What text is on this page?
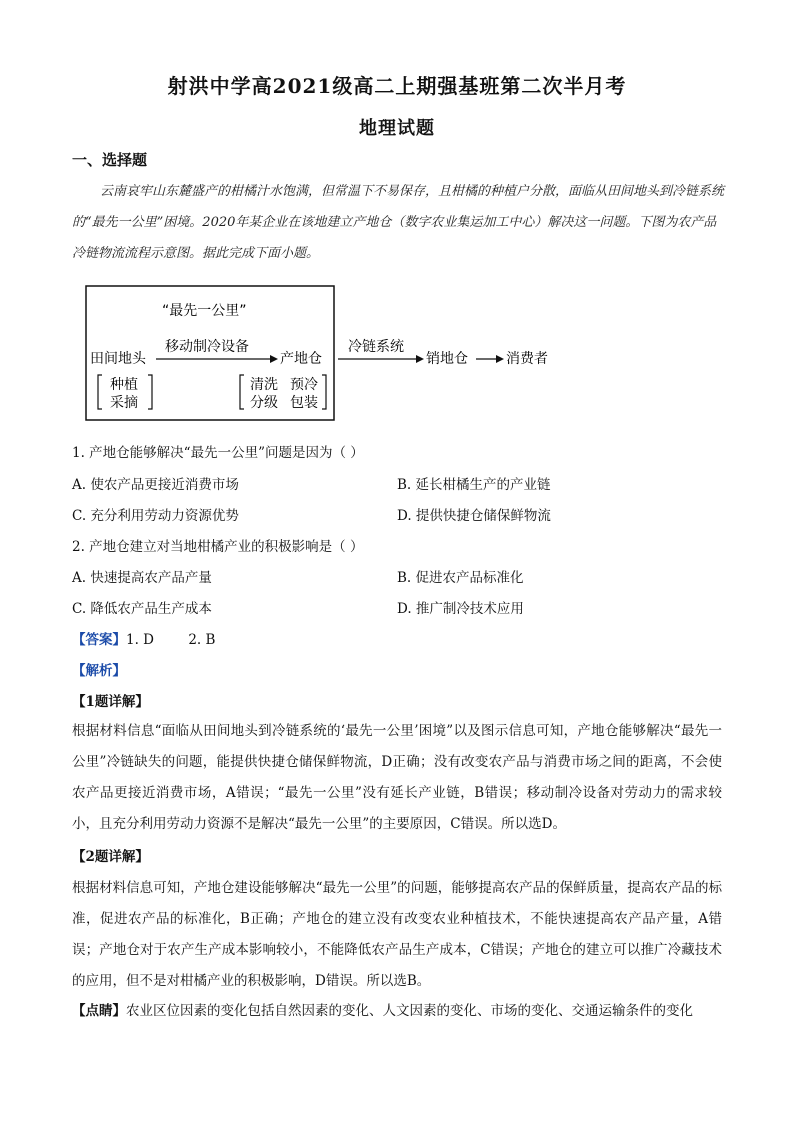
射洪中学高2021级高二上期强基班第二次半月考
地理试题
一、选择题
云南哀牢山东麓盛产的柑橘汁水饱满，但常温下不易保存，且柑橘的种植户分散，面临从田间地头到冷链系统的“最先一公里”困境。2020年某企业在该地建立产地仓（数字农业集运加工中心）解决这一问题。下图为农产品冷链物流流程示意图。据此完成下面小题。
“最先一公里”
田间地头
移动制冷设备
产地仓
种植
采摘
清洗 预冷
分级 包装
冷链系统
销地仓	消费者
1. 产地仓能够解决“最先一公里”问题是因为（ ）
A. 使农产品更接近消费市场	B. 延长柑橘生产的产业链
C. 充分利用劳动力资源优势	D. 提供快捷仓储保鲜物流
2. 产地仓建立对当地柑橘产业的积极影响是（ ）
A. 快速提高农产品产量	B. 促进农产品标准化
C. 降低农产品生产成本	D. 推广制冷技术应用
【答案】1. D        2. B
【解析】
【1题详解】
根据材料信息“面临从田间地头到冷链系统的‘最先一公里’困境”以及图示信息可知，产地仓能够解决“最先一公里”冷链缺失的问题，能提供快捷仓储保鲜物流，D正确；没有改变农产品与消费市场之间的距离，不会使农产品更接近消费市场，A错误；“最先一公里”没有延长产业链，B错误；移动制冷设备对劳动力的需求较小，且充分利用劳动力资源不是解决“最先一公里”的主要原因，C错误。所以选D。
【2题详解】
根据材料信息可知，产地仓建设能够解决“最先一公里”的问题，能够提高农产品的保鲜质量，提高农产品的标准，促进农产品的标准化，B正确；产地仓的建立没有改变农业种植技术，不能快速提高农产品产量，A错误；产地仓对于农产生产成本影响较小，不能降低农产品生产成本，C错误；产地仓的建立可以推广冷藏技术的应用，但不是对柑橘产业的积极影响，D错误。所以选B。
【点睛】农业区位因素的变化包括自然因素的变化、人文因素的变化、市场的变化、交通运输条件的变化
